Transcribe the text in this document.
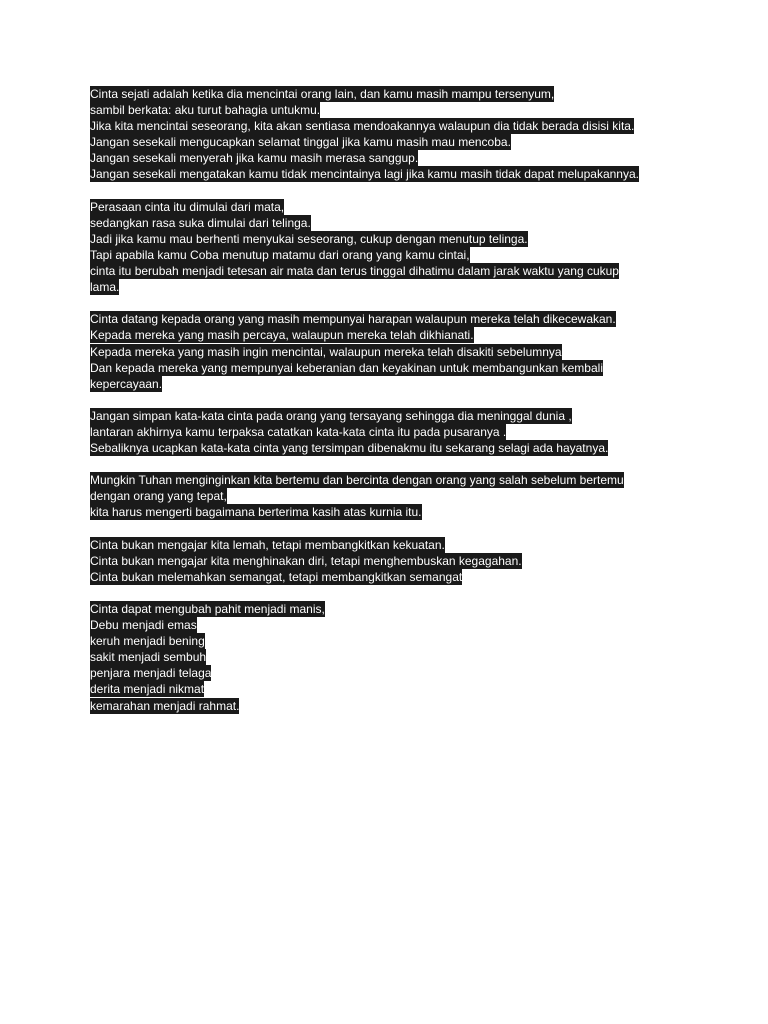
Cinta sejati adalah ketika dia mencintai orang lain, dan kamu masih mampu tersenyum,
sambil berkata: aku turut bahagia untukmu.
Jika kita mencintai seseorang, kita akan sentiasa mendoakannya walaupun dia tidak berada disisi kita.
Jangan sesekali mengucapkan selamat tinggal jika kamu masih mau mencoba.
Jangan sesekali menyerah jika kamu masih merasa sanggup.
Jangan sesekali mengatakan kamu tidak mencintainya lagi jika kamu masih tidak dapat melupakannya.
Perasaan cinta itu dimulai dari mata,
sedangkan rasa suka dimulai dari telinga.
Jadi jika kamu mau berhenti menyukai seseorang, cukup dengan menutup telinga.
Tapi apabila kamu Coba menutup matamu dari orang yang kamu cintai,
cinta itu berubah menjadi tetesan air mata dan terus tinggal dihatimu dalam jarak waktu yang cukup
lama.
Cinta datang kepada orang yang masih mempunyai harapan walaupun mereka telah dikecewakan.
Kepada mereka yang masih percaya, walaupun mereka telah dikhianati.
Kepada mereka yang masih ingin mencintai, walaupun mereka telah disakiti sebelumnya
Dan kepada mereka yang mempunyai keberanian dan keyakinan untuk membangunkan kembali
kepercayaan.
Jangan simpan kata-kata cinta pada orang yang tersayang sehingga dia meninggal dunia ,
lantaran akhirnya kamu terpaksa catatkan kata-kata cinta itu pada pusaranya .
Sebaliknya ucapkan kata-kata cinta yang tersimpan dibenakmu itu sekarang selagi ada hayatnya.
Mungkin Tuhan menginginkan kita bertemu dan bercinta dengan orang yang salah sebelum bertemu
dengan orang yang tepat,
kita harus mengerti bagaimana berterima kasih atas kurnia itu.
Cinta bukan mengajar kita lemah, tetapi membangkitkan kekuatan.
Cinta bukan mengajar kita menghinakan diri, tetapi menghembuskan kegagahan.
Cinta bukan melemahkan semangat, tetapi membangkitkan semangat
Cinta dapat mengubah pahit menjadi manis,
Debu menjadi emas
keruh menjadi bening
sakit menjadi sembuh
penjara menjadi telaga
derita menjadi nikmat
kemarahan menjadi rahmat.
